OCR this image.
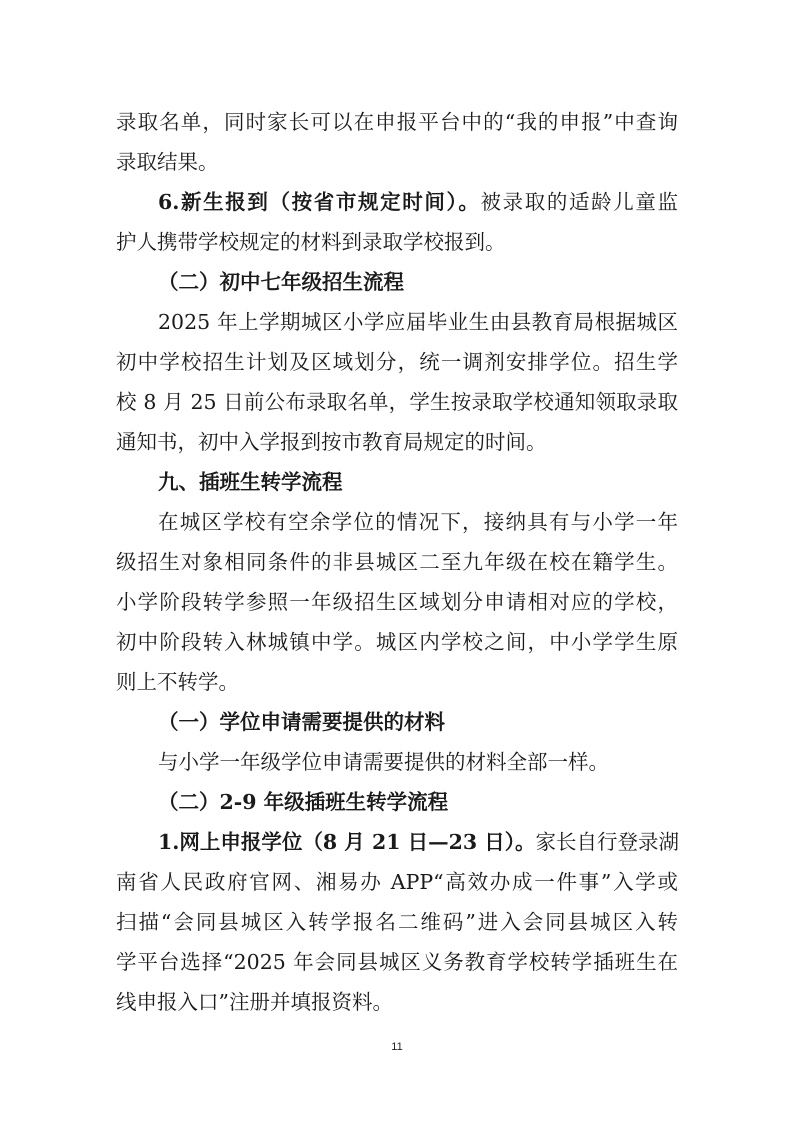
录取名单，同时家长可以在申报平台中的“我的申报”中查询
录取结果。
6.新生报到（按省市规定时间）。被录取的适龄儿童监
护人携带学校规定的材料到录取学校报到。
（二）初中七年级招生流程
2025 年上学期城区小学应届毕业生由县教育局根据城区
初中学校招生计划及区域划分，统一调剂安排学位。招生学
校 8 月 25 日前公布录取名单，学生按录取学校通知领取录取
通知书，初中入学报到按市教育局规定的时间。
九、插班生转学流程
在城区学校有空余学位的情况下，接纳具有与小学一年
级招生对象相同条件的非县城区二至九年级在校在籍学生。
小学阶段转学参照一年级招生区域划分申请相对应的学校，
初中阶段转入林城镇中学。城区内学校之间，中小学学生原
则上不转学。
（一）学位申请需要提供的材料
与小学一年级学位申请需要提供的材料全部一样。
（二）2-9 年级插班生转学流程
1.网上申报学位（8 月 21 日—23 日）。家长自行登录湖
南省人民政府官网、湘易办 APP“高效办成一件事”入学或
扫描“会同县城区入转学报名二维码”进入会同县城区入转
学平台选择“2025 年会同县城区义务教育学校转学插班生在
线申报入口”注册并填报资料。
11
